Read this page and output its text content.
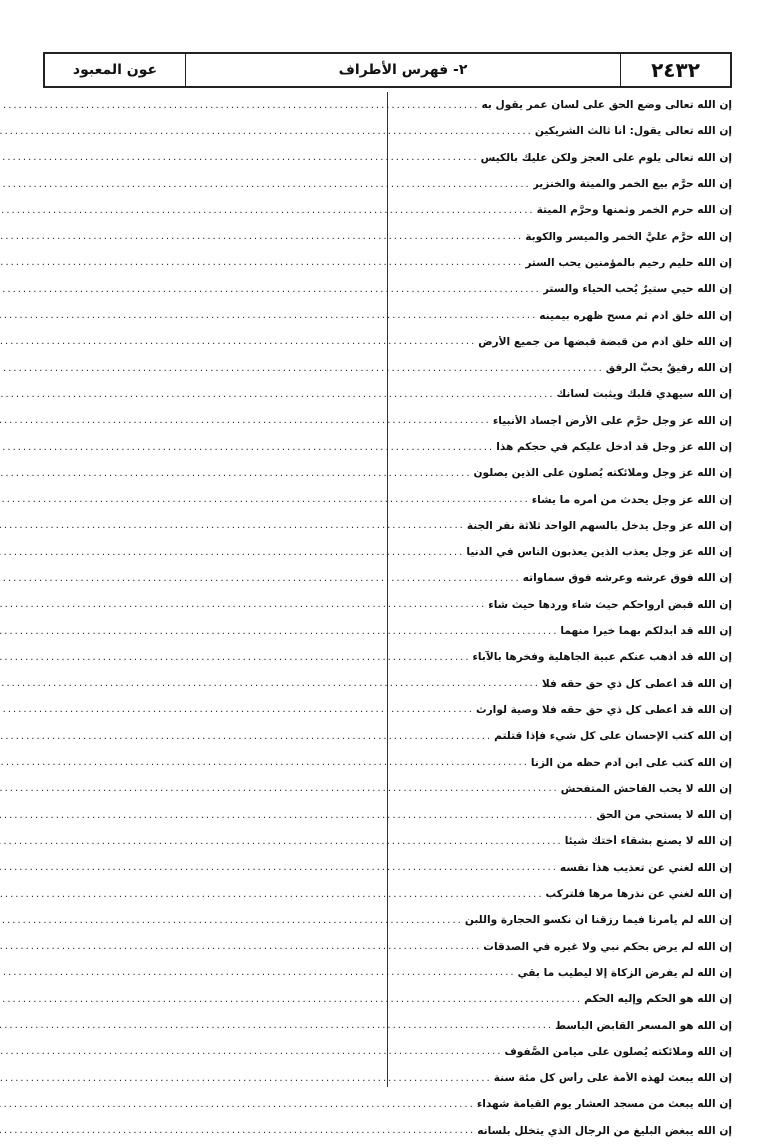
٢٤٣٢
٢- فهرس الأطراف
عون المعبود
إن الله تعالى وضع الحق على لسان عمر يقول به
.....
إن الله تعالى يقول: أنا ثالث الشريكين
.....
إن الله تعالى يلوم على العجز ولكن عليك بالكيس
.....
إن الله حرَّم بيع الخمر والميتة والخنزير
.....
إن الله حرم الخمر وثمنها وحرَّم الميتة
.....
إن الله حرَّم عليَّ الخمر والميسر والكوبة
.....
إن الله حليم رحيم بالمؤمنين يحب الستر
.....
إن الله حيي ستيرٌ يُحب الحياء والستر
.....
إن الله خلق آدم ثم مسح ظهره بيمينه
.....
إن الله خلق آدم من قبضة قبضها من جميع الأرض
.....
إن الله رفيقٌ يحبُّ الرفق
.....
إن الله سيهدي قلبك ويثبت لسانك
.....
إن الله عز وجل حرَّم على الأرض أجساد الأنبياء
.....
إن الله عز وجل قد أدخل عليكم في حجكم هذا
.....
إن الله عز وجل وملائكته يُصلون على الذين يصلون
.....
إن الله عز وجل يحدث من أمره ما يشاء
.....
إن الله عز وجل يدخل بالسهم الواحد ثلاثة نفر الجنة
.....
إن الله عز وجل يعذب الذين يعذبون الناس في الدنيا
.....
إن الله فوق عرشه وعرشه فوق سماواته
.....
إن الله قبض أرواحكم حيث شاء وردها حيث شاء
.....
إن الله قد أبدلكم بهما خيراً منهما
.....
إن الله قد أذهب عنكم عبية الجاهلية وفخرها بالآباء
.....
إن الله قد أعطى كل ذي حق حقه فلا
.....
إن الله قد أعطى كل ذي حق حقه فلا وصية لوارث
.....
إن الله كتب الإحسان على كل شيء فإذا قتلتم
.....
إن الله كتب على ابن آدم حظه من الزنا
.....
إن الله لا يحب الفاحش المتفحش
.....
إن الله لا يستحي من الحق
.....
إن الله لا يصنع بشقاء أختك شيئاً
.....
إن الله لغني عن تعذيب هذا نفسه
.....
إن الله لغني عن نذرها مرها فلتركب
.....
إن الله لم يأمرنا فيما رزقنا أن نكسو الحجارة واللبن
.....
إن الله لم يرض بحكم نبي ولا غيره في الصدقات
.....
إن الله لم يفرض الزكاة إلا ليطيب ما بقي
.....
إن الله هو الحكم وإليه الحكم
.....
إن الله هو المسعر القابض الباسط
.....
إن الله وملائكته يُصلُّون على ميامن الصُّفوف
.....
إن الله يبعث لهذه الأمة على رأس كل مئة سنة
.....
إن الله يبعث من مسجد العشار يوم القيامة شهداء
.....
إن الله يبغض البليغ من الرجال الذي يتخلل بلسانه
.....
